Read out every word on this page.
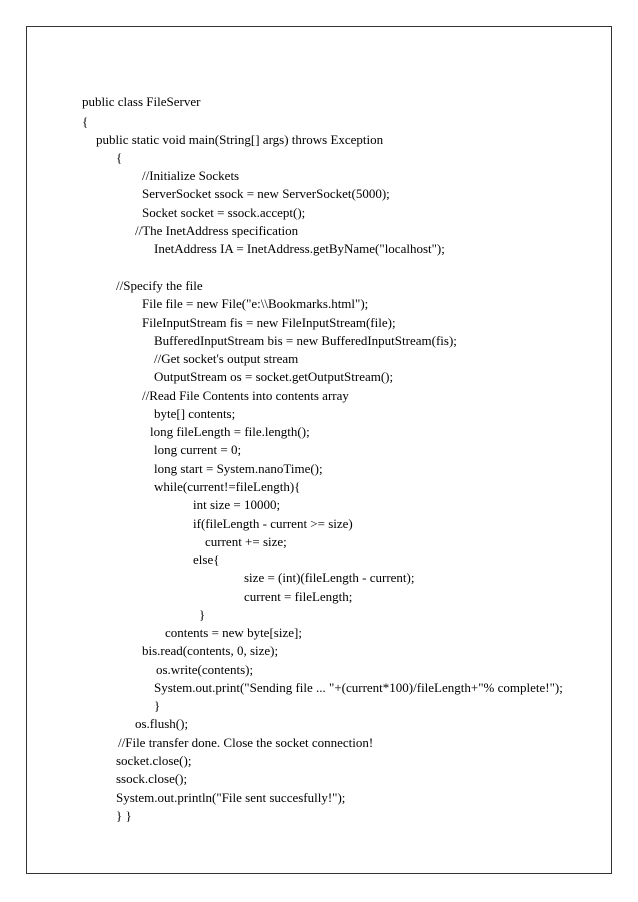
public class FileServer

{

public static void main(String[] args) throws Exception

{

//Initialize Sockets

ServerSocket ssock = new ServerSocket(5000);

Socket socket = ssock.accept();

//The InetAddress specification

InetAddress IA = InetAddress.getByName("localhost");

//Specify the file

File file = new File("e:\\Bookmarks.html");

FileInputStream fis = new FileInputStream(file);

BufferedInputStream bis = new BufferedInputStream(fis);

//Get socket's output stream

OutputStream os = socket.getOutputStream();

//Read File Contents into contents array

byte[] contents;

long fileLength = file.length();

long current = 0;

long start = System.nanoTime();

while(current!=fileLength){

int size = 10000;

if(fileLength - current >= size)

current += size;

else{

size = (int)(fileLength - current);

current = fileLength;

}

contents = new byte[size];

bis.read(contents, 0, size);

os.write(contents);

System.out.print("Sending file ... "+(current*100)/fileLength+"% complete!");

}

os.flush();

//File transfer done. Close the socket connection!

socket.close();

ssock.close();

System.out.println("File sent succesfully!");

} }
